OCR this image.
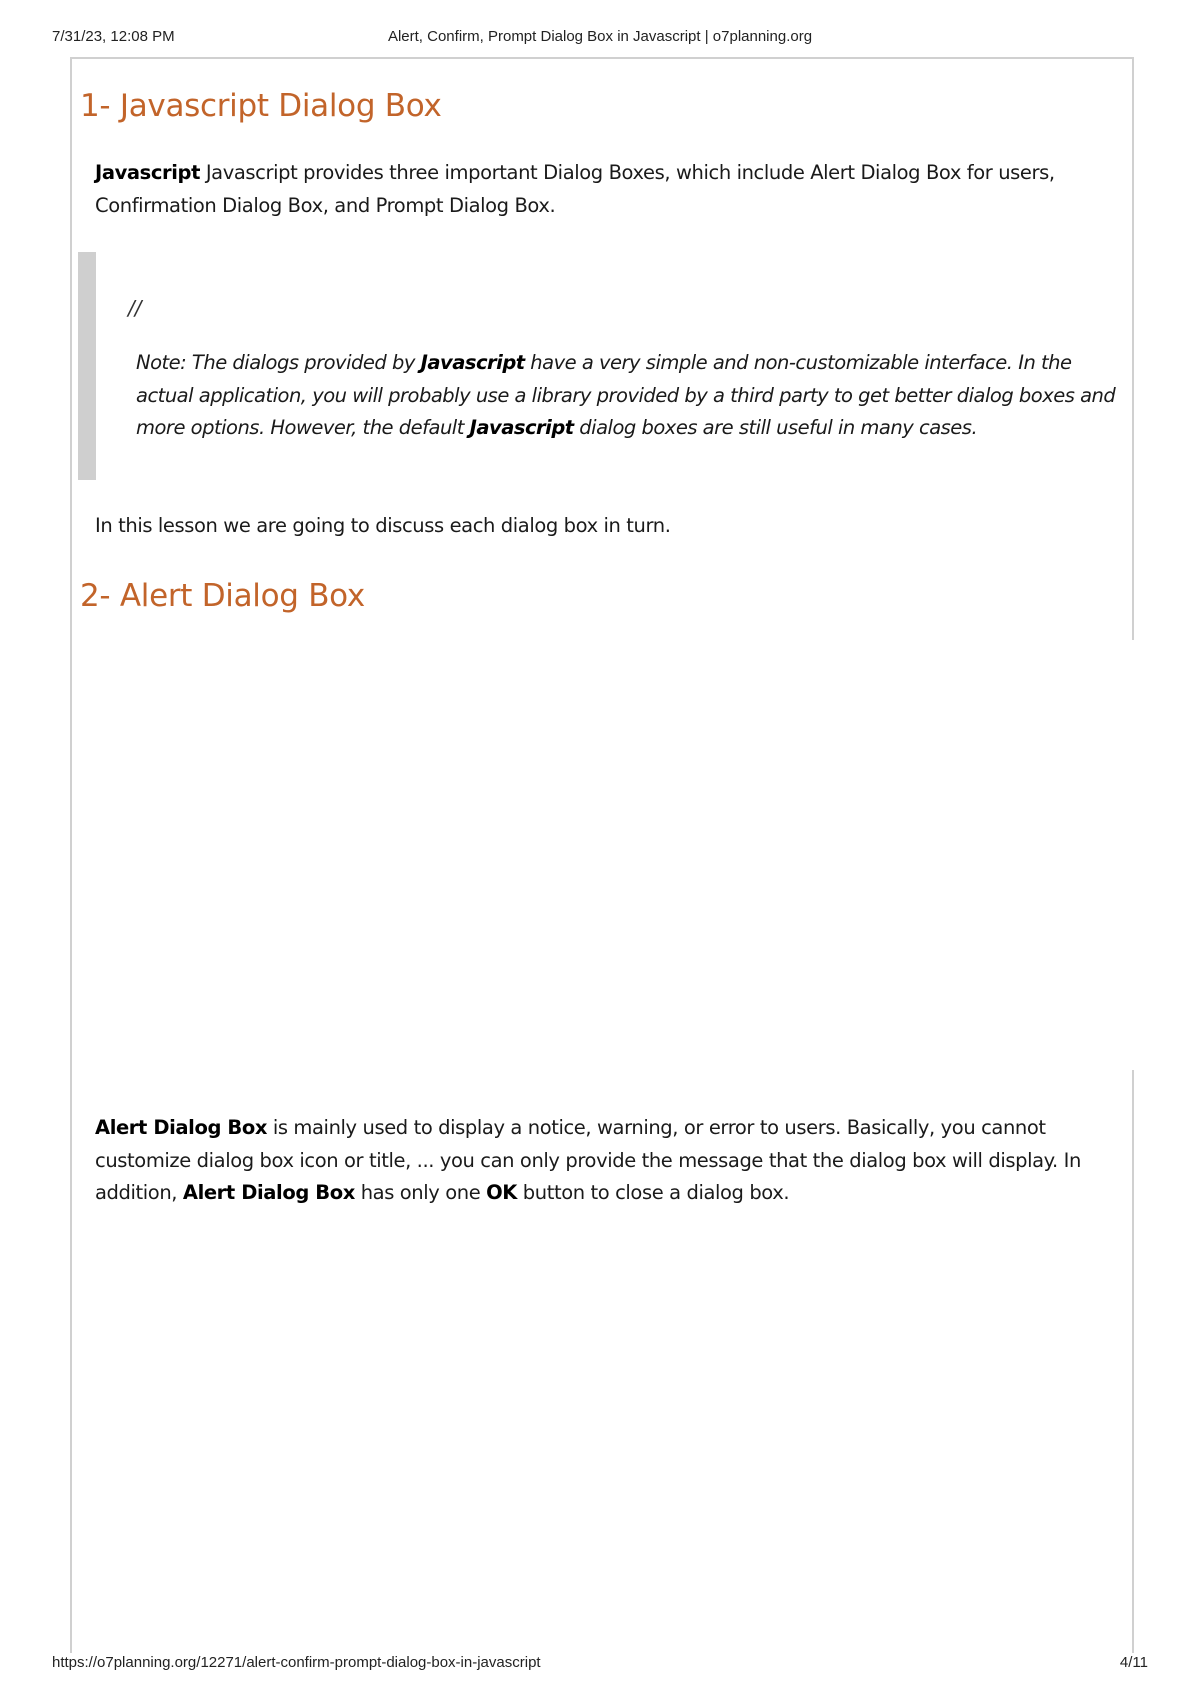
7/31/23, 12:08 PM	Alert, Confirm, Prompt Dialog Box in Javascript | o7planning.org
1- Javascript Dialog Box

Javascript Javascript provides three important Dialog Boxes, which include Alert Dialog Box for users,
Confirmation Dialog Box, and Prompt Dialog Box.

//

Note: The dialogs provided by Javascript have a very simple and non-customizable interface. In the
actual application, you will probably use a library provided by a third party to get better dialog boxes and
more options. However, the default Javascript dialog boxes are still useful in many cases.

In this lesson we are going to discuss each dialog box in turn.

2- Alert Dialog Box

Alert Dialog Box is mainly used to display a notice, warning, or error to users. Basically, you cannot
customize dialog box icon or title, ... you can only provide the message that the dialog box will display. In
addition, Alert Dialog Box has only one OK button to close a dialog box.

https://o7planning.org/12271/alert-confirm-prompt-dialog-box-in-javascript	4/11
